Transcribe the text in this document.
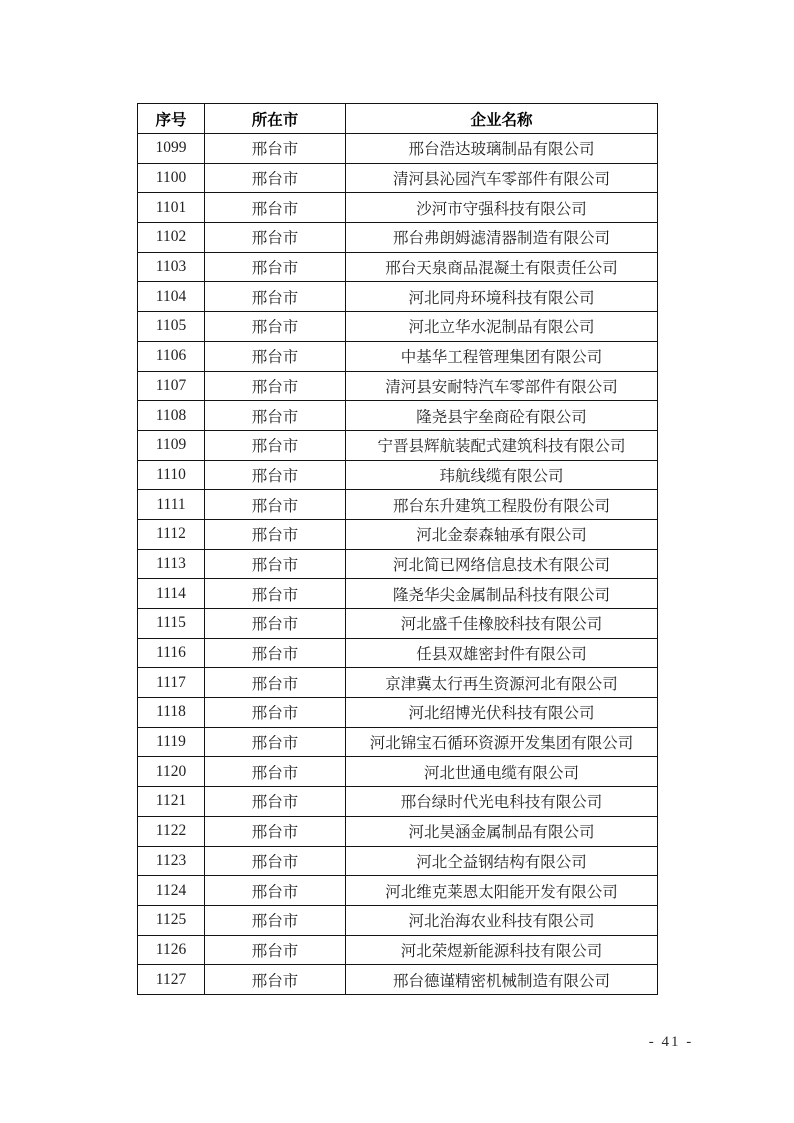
序号	所在市	企业名称
1099	邢台市	邢台浩达玻璃制品有限公司
1100	邢台市	清河县沁园汽车零部件有限公司
1101	邢台市	沙河市守强科技有限公司
1102	邢台市	邢台弗朗姆滤清器制造有限公司
1103	邢台市	邢台天泉商品混凝土有限责任公司
1104	邢台市	河北同舟环境科技有限公司
1105	邢台市	河北立华水泥制品有限公司
1106	邢台市	中基华工程管理集团有限公司
1107	邢台市	清河县安耐特汽车零部件有限公司
1108	邢台市	隆尧县宇垒商砼有限公司
1109	邢台市	宁晋县辉航装配式建筑科技有限公司
1110	邢台市	玮航线缆有限公司
1111	邢台市	邢台东升建筑工程股份有限公司
1112	邢台市	河北金泰森轴承有限公司
1113	邢台市	河北简已网络信息技术有限公司
1114	邢台市	隆尧华尖金属制品科技有限公司
1115	邢台市	河北盛千佳橡胶科技有限公司
1116	邢台市	任县双雄密封件有限公司
1117	邢台市	京津冀太行再生资源河北有限公司
1118	邢台市	河北绍博光伏科技有限公司
1119	邢台市	河北锦宝石循环资源开发集团有限公司
1120	邢台市	河北世通电缆有限公司
1121	邢台市	邢台绿时代光电科技有限公司
1122	邢台市	河北昊涵金属制品有限公司
1123	邢台市	河北仝益钢结构有限公司
1124	邢台市	河北维克莱恩太阳能开发有限公司
1125	邢台市	河北治海农业科技有限公司
1126	邢台市	河北荣煜新能源科技有限公司
1127	邢台市	邢台德谨精密机械制造有限公司
- 41 -
